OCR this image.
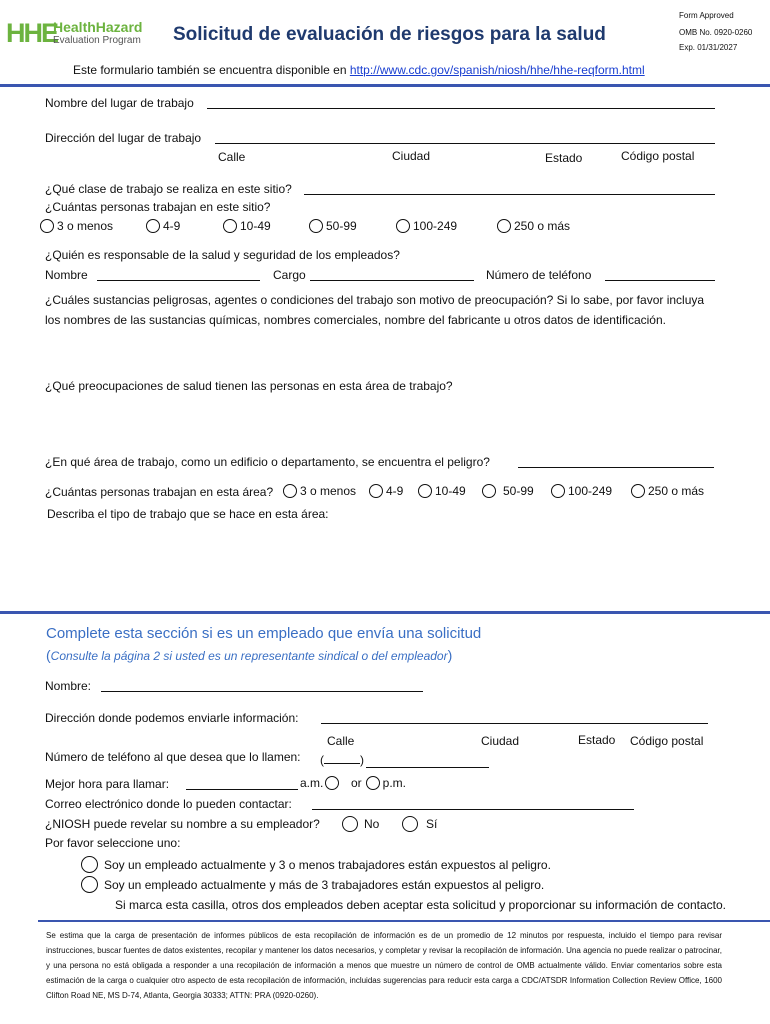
HHE
HealthHazard
Evaluation Program Solicitud de evaluación de riesgos para la salud
Form Approved
OMB No. 0920-0260
Exp. 01/31/2027
Este formulario también se encuentra disponible en http://www.cdc.gov/spanish/niosh/hhe/hhe-reqform.html
Nombre del lugar de trabajo
Dirección del lugar de trabajo
Calle	Ciudad	Estado	Código postal
¿Qué clase de trabajo se realiza en este sitio?
¿Cuántas personas trabajan en este sitio?
3 o menos	4-9	10-49	50-99	100-249	250 o más
¿Quién es responsable de la salud y seguridad de los empleados?
Nombre	Cargo	Número de teléfono
¿Cuáles sustancias peligrosas, agentes o condiciones del trabajo son motivo de preocupación? Si lo sabe, por favor incluya
los nombres de las sustancias químicas, nombres comerciales, nombre del fabricante u otros datos de identificación.
¿Qué preocupaciones de salud tienen las personas en esta área de trabajo?
¿En qué área de trabajo, como un edificio o departamento, se encuentra el peligro?
¿Cuántas personas trabajan en esta área? 3 o menos 4-9	10-49	50-99	100-249	250 o más
Describa el tipo de trabajo que se hace en esta área:
Complete esta sección si es un empleado que envía una solicitud
(Consulte la página 2 si usted es un representante sindical o del empleador)
Nombre:
Dirección donde podemos enviarle información:
Calle	Ciudad	Estado Código postal
Número de teléfono al que desea que lo llamen: (	)
Mejor hora para llamar:	a.m. or p.m.
Correo electrónico donde lo pueden contactar:
¿NIOSH puede revelar su nombre a su empleador?	No	Sí
Por favor seleccione uno:
Soy un empleado actualmente y 3 o menos trabajadores están expuestos al peligro.
Soy un empleado actualmente y más de 3 trabajadores están expuestos al peligro.
Si marca esta casilla, otros dos empleados deben aceptar esta solicitud y proporcionar su información de contacto.
Se estima que la carga de presentación de informes públicos de esta recopilación de información es de un promedio de 12 minutos por respuesta, incluido el tiempo para revisar instrucciones, buscar fuentes de datos existentes, recopilar y mantener los datos necesarios, y completar y revisar la recopilación de información. Una agencia no puede realizar o patrocinar, y una persona no está obligada a responder a una recopilación de información a menos que muestre un número de control de OMB actualmente válido. Enviar comentarios sobre esta estimación de la carga o cualquier otro aspecto de esta recopilación de información, incluidas sugerencias para reducir esta carga a CDC/ATSDR Information Collection Review Office, 1600 Clifton Road NE, MS D-74, Atlanta, Georgia 30333; ATTN: PRA (0920-0260).
